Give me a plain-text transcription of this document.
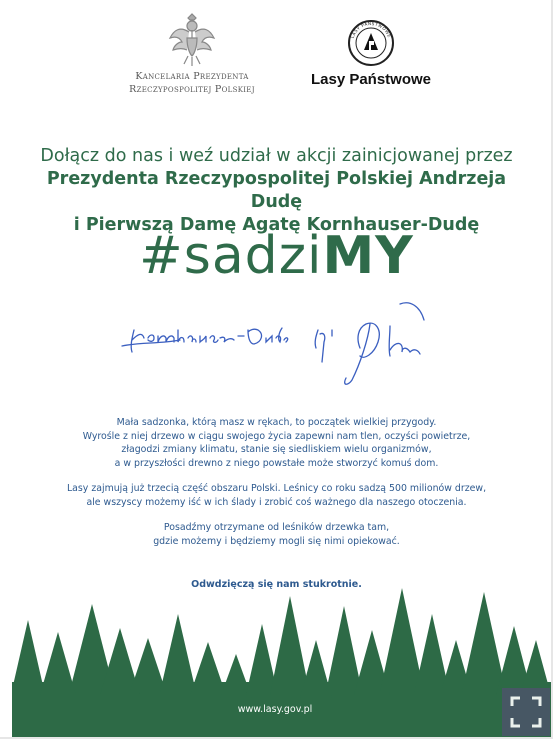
Kancelaria Prezydenta
Rzeczypospolitej Polskiej
LASY PAŃSTWOWE
Lasy Państwowe
Dołącz do nas i weź udział w akcji zainicjowanej przez
Prezydenta Rzeczypospolitej Polskiej Andrzeja Dudę
i Pierwszą Damę Agatę Kornhauser-Dudę
#sadziMY

Mała sadzonka, którą masz w rękach, to początek wielkiej przygody.
Wyrośle z niej drzewo w ciągu swojego życia zapewni nam tlen, oczyści powietrze,
złagodzi zmiany klimatu, stanie się siedliskiem wielu organizmów,
a w przyszłości drewno z niego powstałe może stworzyć komuś dom.

Lasy zajmują już trzecią część obszaru Polski. Leśnicy co roku sadzą 500 milionów drzew,
ale wszyscy możemy iść w ich ślady i zrobić coś ważnego dla naszego otoczenia.

Posadźmy otrzymane od leśników drzewka tam,
gdzie możemy i będziemy mogli się nimi opiekować.

Odwdzięczą się nam stukrotnie.
www.lasy.gov.pl
